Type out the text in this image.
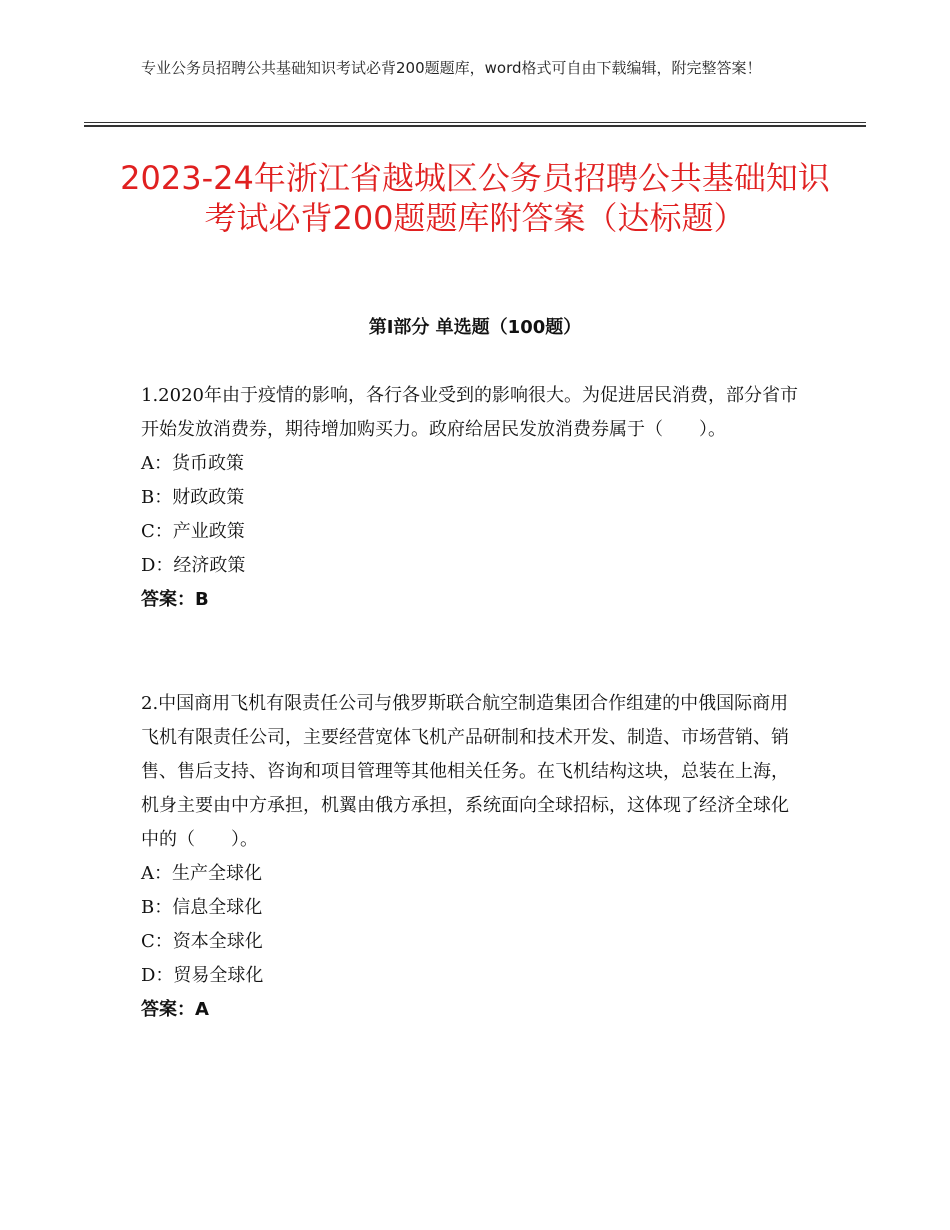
专业公务员招聘公共基础知识考试必背200题题库，word格式可自由下载编辑，附完整答案！
2023-24年浙江省越城区公务员招聘公共基础知识考试必背200题题库附答案（达标题）
第I部分 单选题（100题）

1.2020年由于疫情的影响，各行各业受到的影响很大。为促进居民消费，部分省市开始发放消费券，期待增加购买力。政府给居民发放消费券属于（　　）。

A：货币政策

B：财政政策

C：产业政策

D：经济政策

答案：B

2.中国商用飞机有限责任公司与俄罗斯联合航空制造集团合作组建的中俄国际商用飞机有限责任公司，主要经营宽体飞机产品研制和技术开发、制造、市场营销、销售、售后支持、咨询和项目管理等其他相关任务。在飞机结构这块，总装在上海，机身主要由中方承担，机翼由俄方承担，系统面向全球招标，这体现了经济全球化中的（　　）。

A：生产全球化

B：信息全球化

C：资本全球化

D：贸易全球化

答案：A
